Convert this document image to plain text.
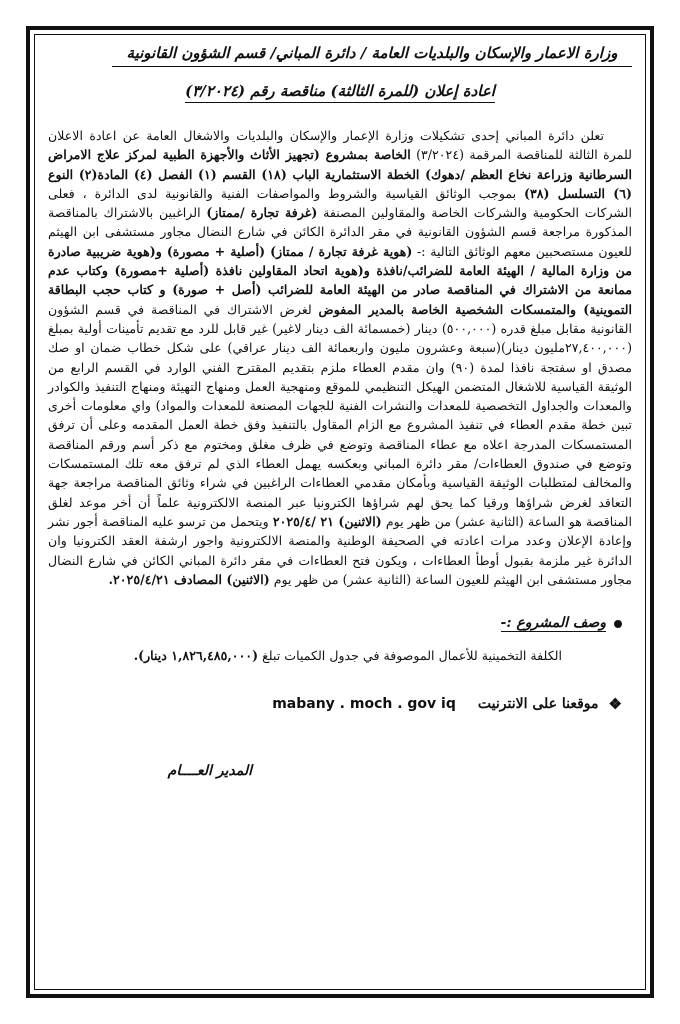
وزارة الاعمار والإسكان والبلديات العامة / دائرة المباني/ قسم الشؤون القانونية
اعادة إعلان (للمرة الثالثة) مناقصة رقم (٣/٢٠٢٤)
تعلن دائرة المباني إحدى تشكيلات وزارة الإعمار والإسكان والبلديات والاشغال العامة عن اعادة الاعلان للمرة الثالثة للمناقصة المرقمة (٣/٢٠٢٤) الخاصة بمشروع (تجهيز الأثاث والأجهزة الطبية لمركز علاج الامراض السرطانية وزراعة نخاع العظم /دهوك) الخطة الاستثمارية الباب (١٨) القسم (١) الفصل (٤) المادة(٢) النوع (٦) التسلسل (٣٨) بموجب الوثائق القياسية والشروط والمواصفات الفنية والقانونية لدى الدائرة ، فعلى الشركات الحكومية والشركات الخاصة والمقاولين المصنفة (غرفة تجارة /ممتاز) الراغبين بالاشتراك بالمناقصة المذكورة مراجعة قسم الشؤون القانونية في مقر الدائرة الكائن في شارع النضال مجاور مستشفى ابن الهيثم للعيون مستصحبين معهم الوثائق التالية :- (هوية غرفة تجارة / ممتاز) (أصلية + مصورة) و(هوية ضريبية صادرة من وزارة المالية / الهيئة العامة للضرائب/نافذة و(هوية اتحاد المقاولين نافذة (أصلية +مصورة) وكتاب عدم ممانعة من الاشتراك في المناقصة صادر من الهيئة العامة للضرائب (أصل + صورة) و كتاب حجب البطاقة التموينية) والمتمسكات الشخصية الخاصة بالمدير المفوض لغرض الاشتراك في المناقصة في قسم الشؤون القانونية مقابل مبلغ قدره (٥٠٠,٠٠٠) دينار (خمسمائة الف دينار لاغير) غير قابل للرد مع تقديم تأمينات أولية بمبلغ (٢٧,٤٠٠,٠٠٠مليون دينار)(سبعة وعشرون مليون واربعمائة الف دينار عراقي) على شكل خطاب ضمان او صك مصدق او سفتجة نافذا لمدة (٩٠) وان مقدم العطاء ملزم بتقديم المقترح الفني الوارد في القسم الرابع من الوثيقة القياسية للاشغال المتضمن الهيكل التنظيمي للموقع ومنهجية العمل ومنهاج التهيئة ومنهاج التنفيذ والكوادر والمعدات والجداول التخصصية للمعدات والنشرات الفنية للجهات المصنعة للمعدات والمواد) واي معلومات أخرى تبين خطة مقدم العطاء في تنفيذ المشروع مع الزام المقاول بالتنفيذ وفق خطة العمل المقدمه وعلى أن ترفق المستمسكات المدرجة اعلاه مع عطاء المناقصة وتوضع في ظرف مغلق ومختوم مع ذكر أسم ورقم المناقصة وتوضع في صندوق العطاءات/ مقر دائرة المباني وبعكسه يهمل العطاء الذي لم ترفق معه تلك المستمسكات والمخالف لمتطلبات الوثيقة القياسية وبأمكان مقدمي العطاءات الراغبين في شراء وثائق المناقصة مراجعة جهة التعاقد لغرض شراؤها ورقيا كما يحق لهم شراؤها الكترونيا عبر المنصة الالكترونية علماً أن أخر موعد لغلق المناقصة هو الساعة (الثانية عشر) من ظهر يوم (الاثنين) ٢١ /٢٠٢٥/٤ ويتحمل من ترسو عليه المناقصة أجور نشر وإعادة الإعلان وعدد مرات اعادته في الصحيفة الوطنية والمنصة الالكترونية واجور ارشفة العقد الكترونيا وان الدائرة غير ملزمة بقبول أوطأ العطاءات ، ويكون فتح العطاءات في مقر دائرة المباني الكائن في شارع النضال مجاور مستشفى ابن الهيثم للعيون الساعة (الثانية عشر) من ظهر يوم (الاثنين) المصادف ٢٠٢٥/٤/٢١.
وصف المشروع :-
الكلفة التخمينية للأعمال الموصوفة في جدول الكميات تبلغ (١,٨٢٦,٤٨٥,٠٠٠ دينار).
❖
موقعنا على الانترنيت
mabany . moch . gov iq
المدير العــــام
